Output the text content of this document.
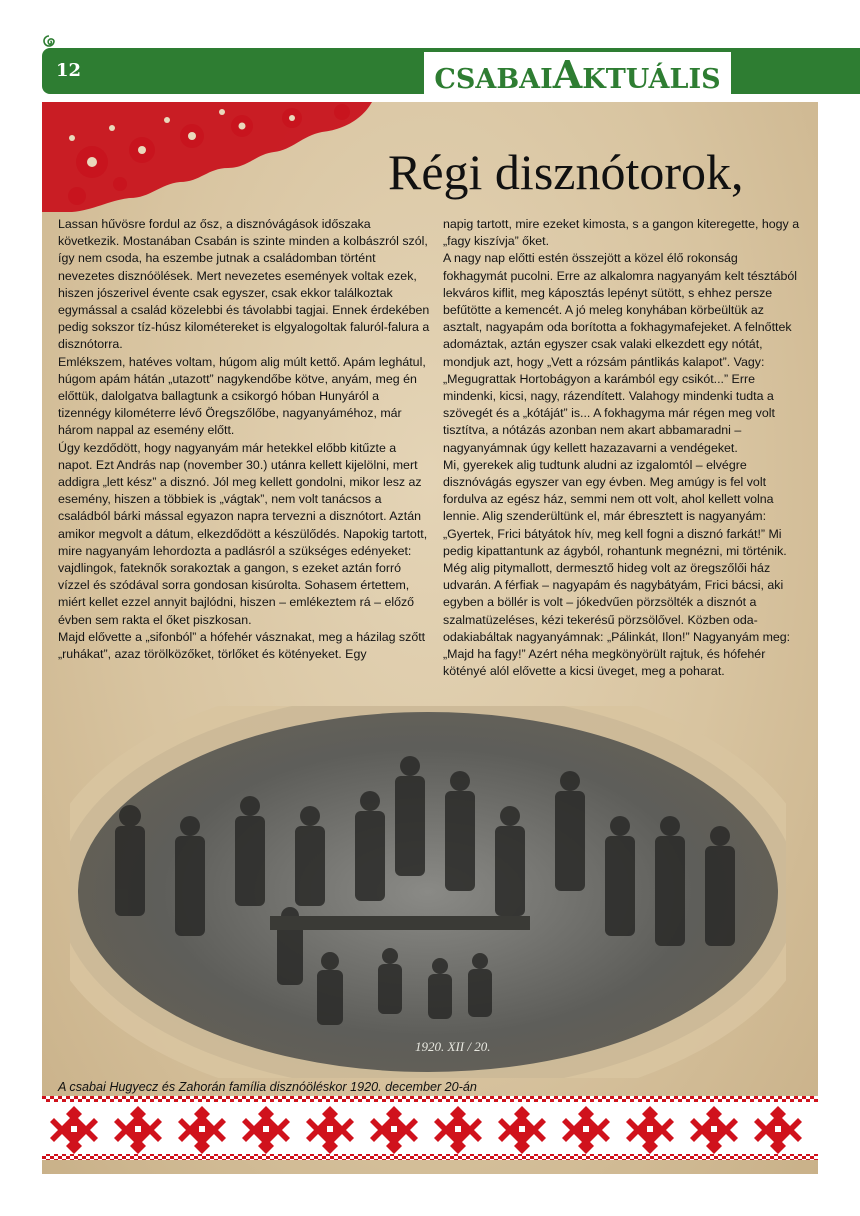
12	CSABAIAKTUÁLIS
Régi disznótorok,

Lassan hűvösre fordul az ősz, a disznóvágások időszaka következik. Mostanában Csabán is szinte minden a kolbászról szól, így nem csoda, ha eszembe jutnak a családomban történt nevezetes disznóölések. Mert nevezetes események voltak ezek, hiszen jószerivel évente csak egyszer, csak ekkor találkoztak egymással a család közelebbi és távolabbi tagjai. Ennek érdekében pedig sokszor tíz-húsz kilométereket is elgyalogoltak faluról-falura a disznótorra.

Emlékszem, hatéves voltam, húgom alig múlt kettő. Apám leghátul, húgom apám hátán „utazott” nagykendőbe kötve, anyám, meg én előttük, dalolgatva ballagtunk a csikorgó hóban Hunyáról a tizennégy kilométerre lévő Öregszőlőbe, nagyanyáméhoz, már három nappal az esemény előtt.

Úgy kezdődött, hogy nagyanyám már hetekkel előbb kitűzte a napot. Ezt András nap (november 30.) utánra kellett kijelölni, mert addigra „lett kész” a disznó. Jól meg kellett gondolni, mikor lesz az esemény, hiszen a többiek is „vágtak”, nem volt tanácsos a családból bárki mással egyazon napra tervezni a disznótort. Aztán amikor megvolt a dátum, elkezdődött a készülődés. Napokig tartott, mire nagyanyám lehordozta a padlásról a szükséges edényeket: vajdlingok, fateknők sorakoztak a gangon, s ezeket aztán forró vízzel és szódával sorra gondosan kisúrolta. Sohasem értettem, miért kellet ezzel annyit bajlódni, hiszen – emlékeztem rá – előző évben sem rakta el őket piszkosan.

Majd elővette a „sifonból” a hófehér vásznakat, meg a házilag szőtt „ruhákat”, azaz törölközőket, törlőket és kötényeket. Egy

napig tartott, mire ezeket kimosta, s a gangon kiteregette, hogy a „fagy kiszívja” őket.

A nagy nap előtti estén összejött a közel élő rokonság fokhagymát pucolni. Erre az alkalomra nagyanyám kelt tésztából lekváros kiflit, meg káposztás lepényt sütött, s ehhez persze befűtötte a kemencét. A jó meleg konyhában körbeültük az asztalt, nagyapám oda borította a fokhagymafejeket. A felnőttek adomáztak, aztán egyszer csak valaki elkezdett egy nótát, mondjuk azt, hogy „Vett a rózsám pántlikás kalapot”. Vagy: „Megugrattak Hortobágyon a karámból egy csikót...” Erre mindenki, kicsi, nagy, rázendített. Valahogy mindenki tudta a szövegét és a „kótáját” is... A fokhagyma már régen meg volt tisztítva, a nótázás azonban nem akart abbamaradni – nagyanyámnak úgy kellett hazazavarni a vendégeket.

Mi, gyerekek alig tudtunk aludni az izgalomtól – elvégre disznóvágás egyszer van egy évben. Meg amúgy is fel volt fordulva az egész ház, semmi nem ott volt, ahol kellett volna lennie. Alig szenderültünk el, már ébresztett is nagyanyám: „Gyertek, Frici bátyátok hív, meg kell fogni a disznó farkát!” Mi pedig kipattantunk az ágyból, rohantunk megnézni, mi történik. Még alig pitymallott, dermesztő hideg volt az öregszőlői ház udvarán. A férfiak – nagyapám és nagybátyám, Frici bácsi, aki egyben a böllér is volt – jókedvűen pörzsölték a disznót a szalmatüzeléses, kézi tekerésű pörzsölővel. Közben oda-odakiabáltak nagyanyámnak: „Pálinkát, Ilon!” Nagyanyám meg: „Majd ha fagy!” Azért néha megkönyörült rajtuk, és hófehér kötényé alól elővette a kicsi üveget, meg a poharat.

1920. XII / 20.
A csabai Hugyecz és Zahorán família disznóöléskor 1920. december 20-án
